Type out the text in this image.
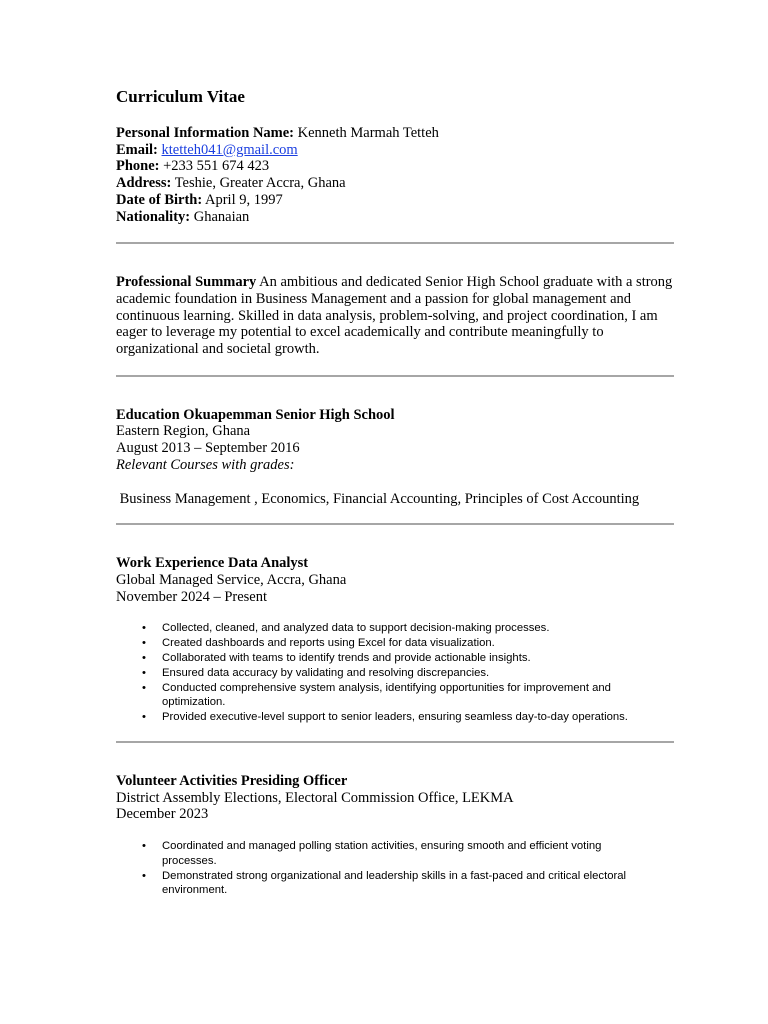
Curriculum Vitae

Personal Information Name: Kenneth Marmah Tetteh

Email: ktetteh041@gmail.com

Phone: +233 551 674 423

Address: Teshie, Greater Accra, Ghana

Date of Birth: April 9, 1997

Nationality: Ghanaian

Professional Summary An ambitious and dedicated Senior High School graduate with a strong academic foundation in Business Management and a passion for global management and continuous learning. Skilled in data analysis, problem-solving, and project coordination, I am eager to leverage my potential to excel academically and contribute meaningfully to organizational and societal growth.

Education Okuapemman Senior High School

Eastern Region, Ghana

August 2013 – September 2016

Relevant Courses with grades:

Business Management , Economics, Financial Accounting, Principles of Cost Accounting

Work Experience Data Analyst

Global Managed Service, Accra, Ghana

November 2024 – Present

• Collected, cleaned, and analyzed data to support decision-making processes.
• Created dashboards and reports using Excel for data visualization.
• Collaborated with teams to identify trends and provide actionable insights.
• Ensured data accuracy by validating and resolving discrepancies.
• Conducted comprehensive system analysis, identifying opportunities for improvement and optimization.
• Provided executive-level support to senior leaders, ensuring seamless day-to-day operations.

Volunteer Activities Presiding Officer

District Assembly Elections, Electoral Commission Office, LEKMA

December 2023

• Coordinated and managed polling station activities, ensuring smooth and efficient voting processes.
• Demonstrated strong organizational and leadership skills in a fast-paced and critical electoral environment.
